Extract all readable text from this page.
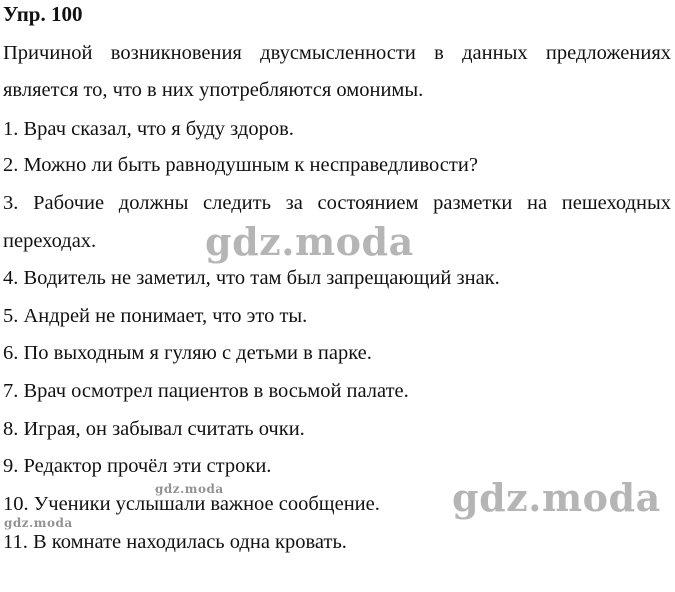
Упр. 100
Причиной возникновения двусмысленности в данных предложениях
является то, что в них употребляются омонимы.
1. Врач сказал, что я буду здоров.
2. Можно ли быть равнодушным к несправедливости?
3. Рабочие должны следить за состоянием разметки на пешеходных
переходах.
4. Водитель не заметил, что там был запрещающий знак.
5. Андрей не понимает, что это ты.
6. По выходным я гуляю с детьми в парке.
7. Врач осмотрел пациентов в восьмой палате.
8. Играя, он забывал считать очки.
9. Редактор прочёл эти строки.
10. Ученики услышали важное сообщение.
11. В комнате находилась одна кровать.
gdz.moda
gdz.moda
gdz.moda
gdz.moda
